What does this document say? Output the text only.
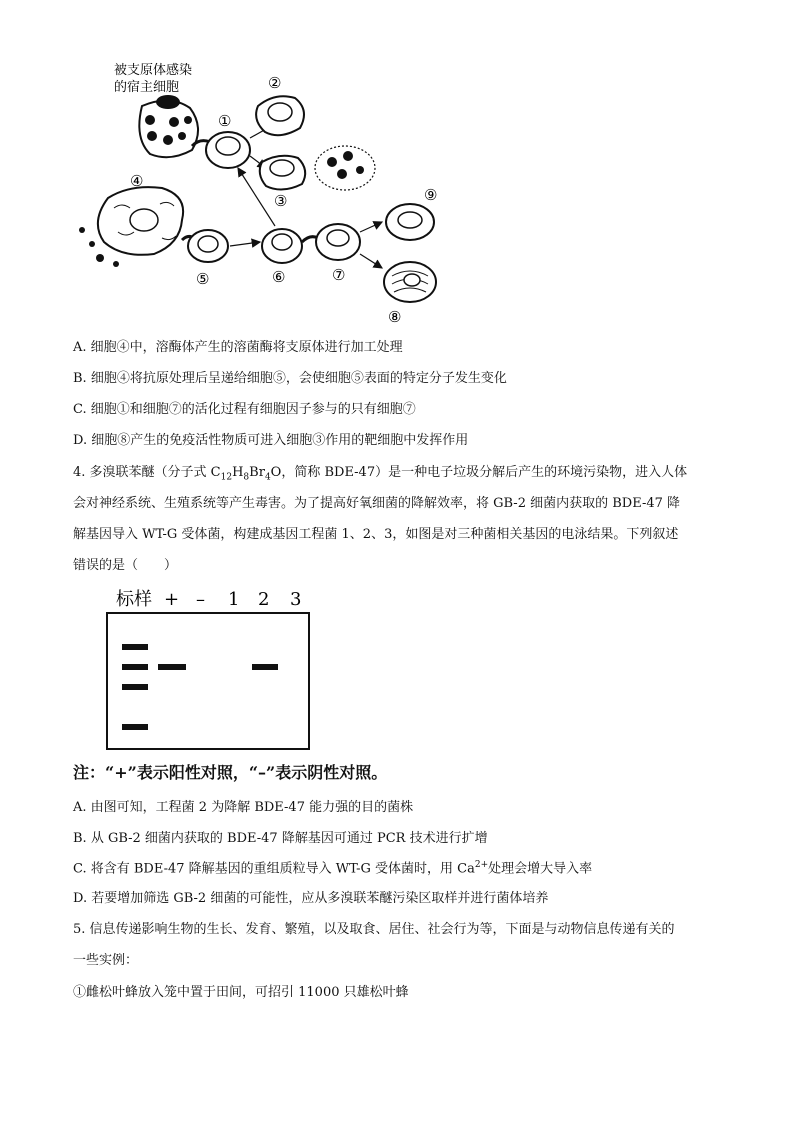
被支原体感染
的宿主细胞
①
②
③
④
⑤	⑥	⑦
⑨
⑧
A. 细胞④中，溶酶体产生的溶菌酶将支原体进行加工处理
B. 细胞④将抗原处理后呈递给细胞⑤，会使细胞⑤表面的特定分子发生变化
C. 细胞①和细胞⑦的活化过程有细胞因子参与的只有细胞⑦
D. 细胞⑧产生的免疫活性物质可进入细胞③作用的靶细胞中发挥作用
4. 多溴联苯醚（分子式 $C_{12}H_8Br_4O$，简称 BDE-47）是一种电子垃圾分解后产生的环境污染物，进入人体
会对神经系统、生殖系统等产生毒害。为了提高好氧细菌的降解效率，将 GB-2 细菌内获取的 BDE-47 降
解基因导入 WT-G 受体菌，构建成基因工程菌 1、2、3，如图是对三种菌相关基因的电泳结果。下列叙述
错误的是（　　）
标样 + – 1 2 3
注：“+”表示阳性对照，“–”表示阴性对照。
A. 由图可知，工程菌 2 为降解 BDE-47 能力强的目的菌株
B. 从 GB-2 细菌内获取的 BDE-47 降解基因可通过 PCR 技术进行扩增
C. 将含有 BDE-47 降解基因的重组质粒导入 WT-G 受体菌时，用 $Ca^{2+}$处理会增大导入率
D. 若要增加筛选 GB-2 细菌的可能性，应从多溴联苯醚污染区取样并进行菌体培养
5. 信息传递影响生物的生长、发育、繁殖，以及取食、居住、社会行为等，下面是与动物信息传递有关的
一些实例：
①雌松叶蜂放入笼中置于田间，可招引 11000 只雄松叶蜂
